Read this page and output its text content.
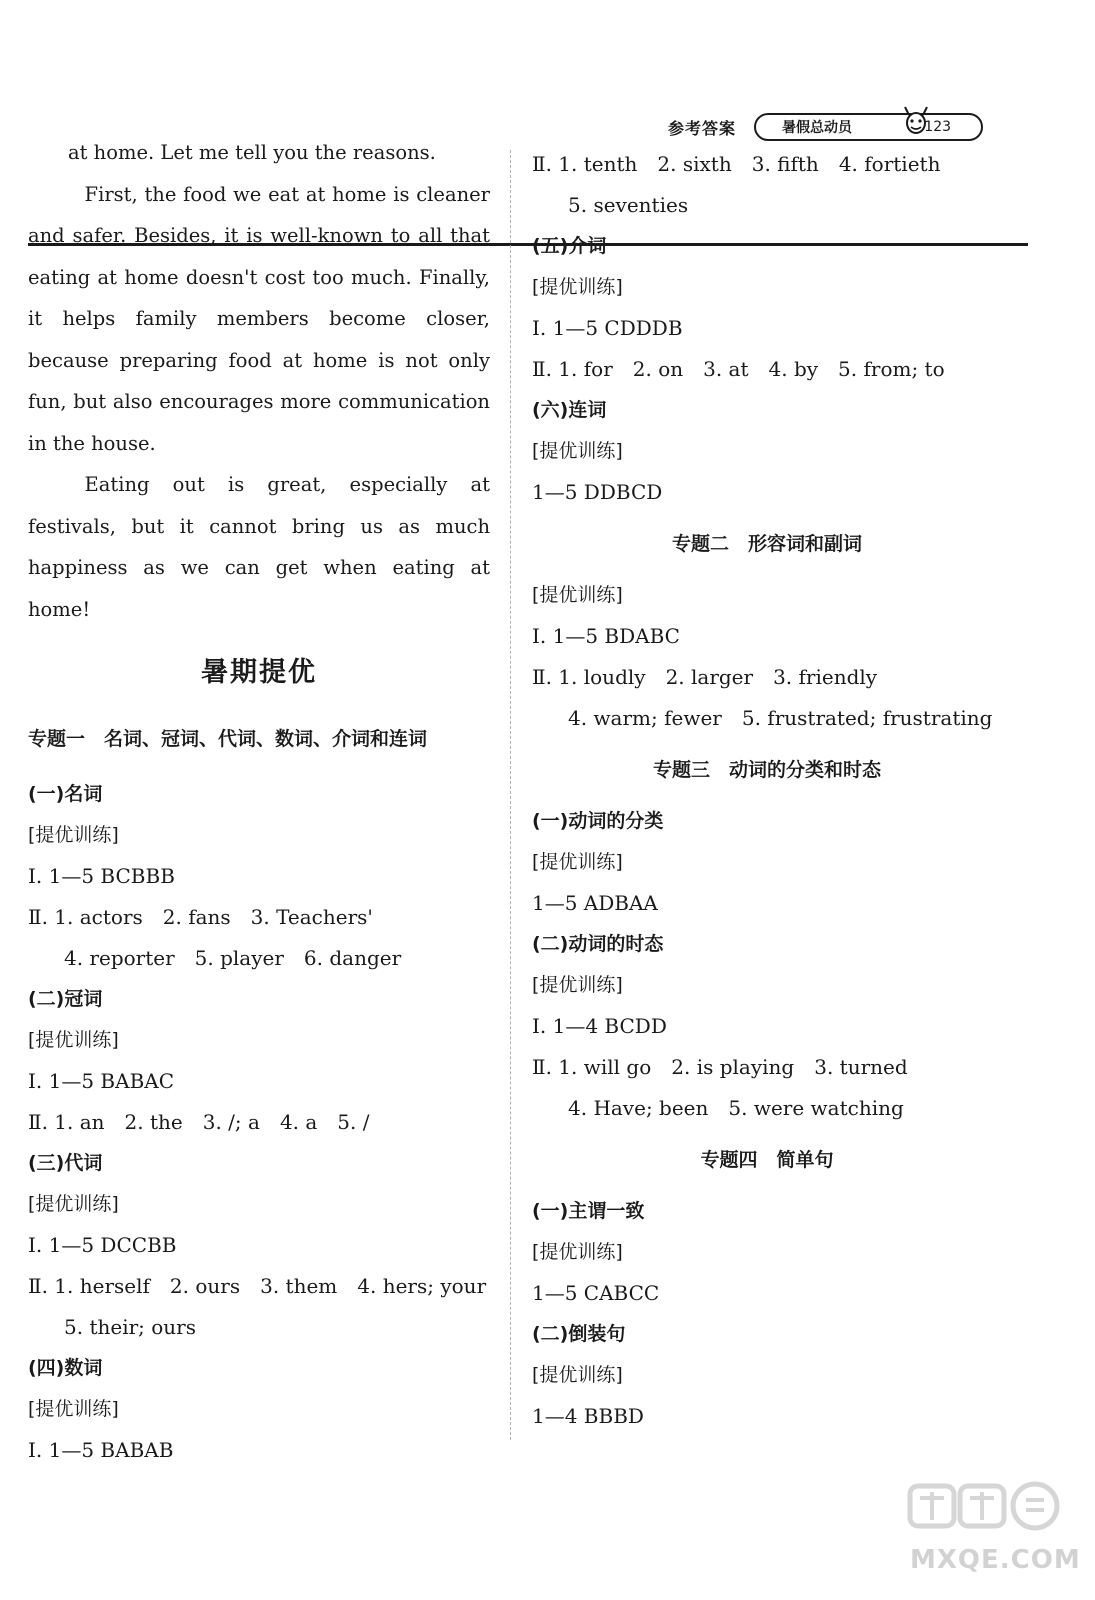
参考答案	暑假总动员	123
at home. Let me tell you the reasons.
First, the food we eat at home is cleaner and safer. Besides, it is well-known to all that eating at home doesn't cost too much. Finally, it helps family members become closer, because preparing food at home is not only fun, but also encourages more communication in the house.
Eating out is great, especially at festivals, but it cannot bring us as much happiness as we can get when eating at home!
暑期提优
专题一　名词、冠词、代词、数词、介词和连词
(一)名词
[提优训练]
Ⅰ. 1—5 BCBBB
Ⅱ. 1. actors　2. fans　3. Teachers'
4. reporter　5. player　6. danger
(二)冠词
[提优训练]
Ⅰ. 1—5 BABAC
Ⅱ. 1. an　2. the　3. /; a　4. a　5. /
(三)代词
[提优训练]
Ⅰ. 1—5 DCCBB
Ⅱ. 1. herself　2. ours　3. them　4. hers; your
5. their; ours
(四)数词
[提优训练]
Ⅰ. 1—5 BABAB
Ⅱ. 1. tenth　2. sixth　3. fifth　4. fortieth
5. seventies
(五)介词
[提优训练]
Ⅰ. 1—5 CDDDB
Ⅱ. 1. for　2. on　3. at　4. by　5. from; to
(六)连词
[提优训练]
1—5 DDBCD
专题二　形容词和副词
[提优训练]
Ⅰ. 1—5 BDABC
Ⅱ. 1. loudly　2. larger　3. friendly
4. warm; fewer　5. frustrated; frustrating
专题三　动词的分类和时态
(一)动词的分类
[提优训练]
1—5 ADBAA
(二)动词的时态
[提优训练]
Ⅰ. 1—4 BCDD
Ⅱ. 1. will go　2. is playing　3. turned
4. Have; been　5. were watching
专题四　简单句
(一)主谓一致
[提优训练]
1—5 CABCC
(二)倒装句
[提优训练]
1—4 BBBD
MXQE.COM
